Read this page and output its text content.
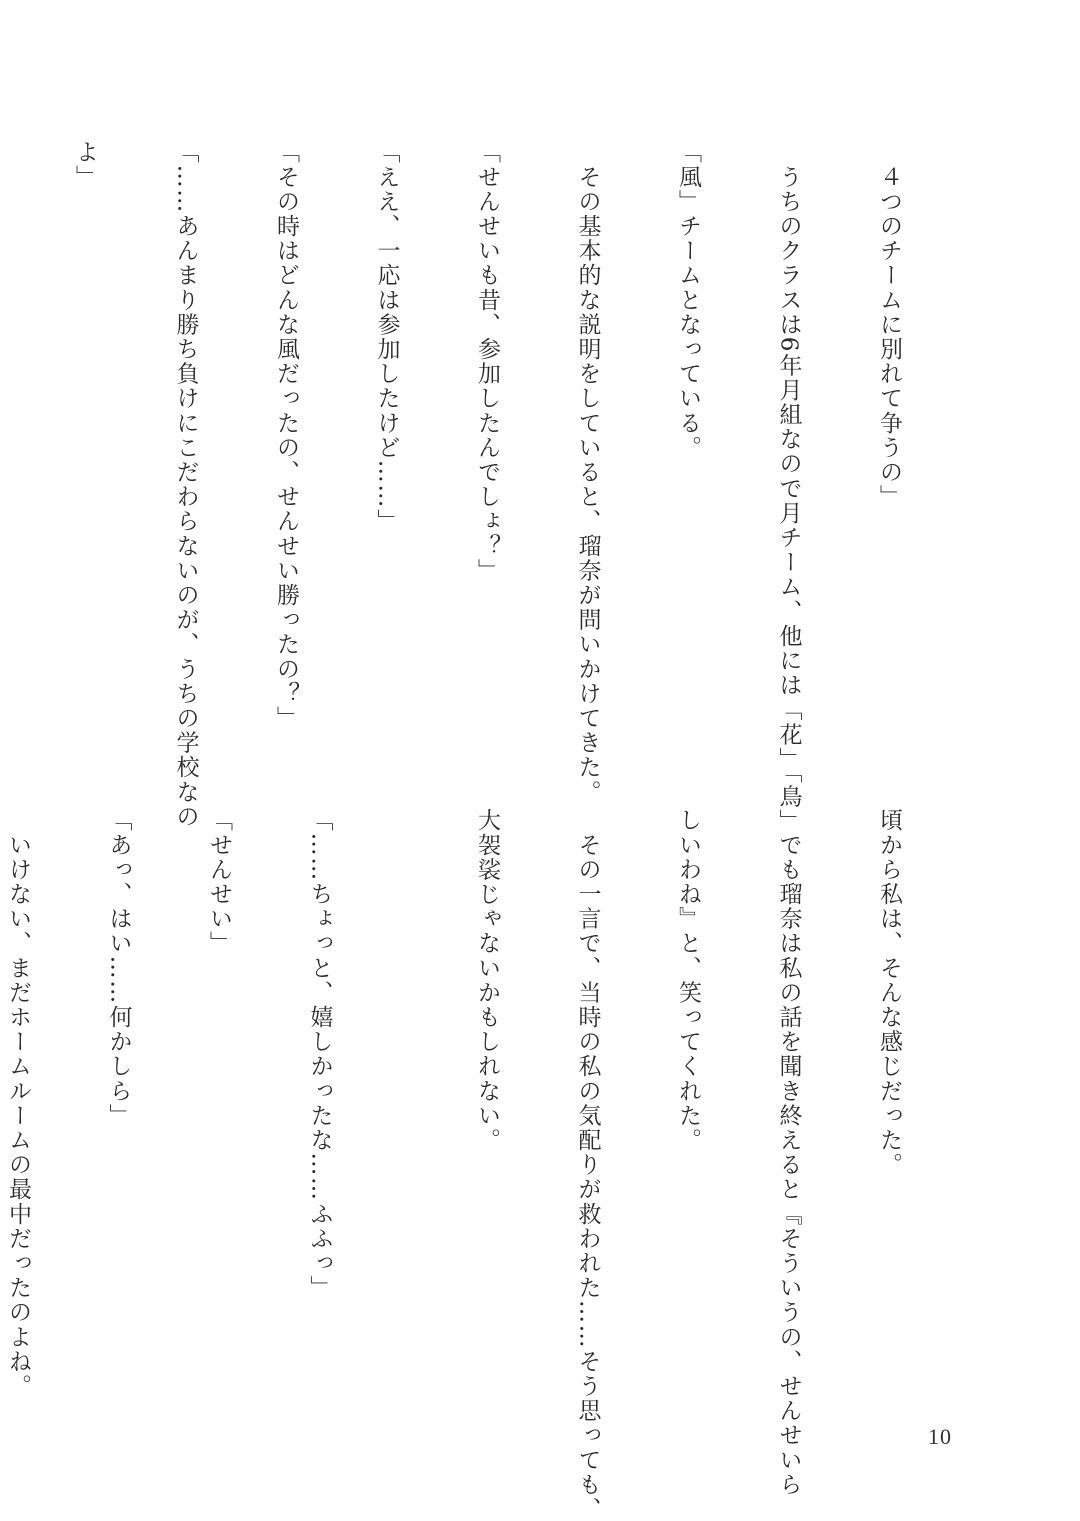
　４つのチームに別れて争うの」

　うちのクラスは6年月組なので月チーム、他には「花」「鳥」

「風」チームとなっている。

　その基本的な説明をしていると、瑠奈が問いかけてきた。

「せんせいも昔、参加したんでしょ？」

「ええ、一応は参加したけど……」

「その時はどんな風だったの、せんせい勝ったの？」

「……あんまり勝ち負けにこだわらないのが、うちの学校なの

よ」

頃から私は、そんな感じだった。

　でも瑠奈は私の話を聞き終えると『そういうの、せんせいら

しいわね』と、笑ってくれた。

　その一言で、当時の私の気配りが救われた……そう思っても、

大袈裟じゃないかもしれない。

「……ちょっと、嬉しかったな……ふふっ」

「せんせい」

「あっ、はい……何かしら」

　いけない、まだホームルームの最中だったのよね。

10
